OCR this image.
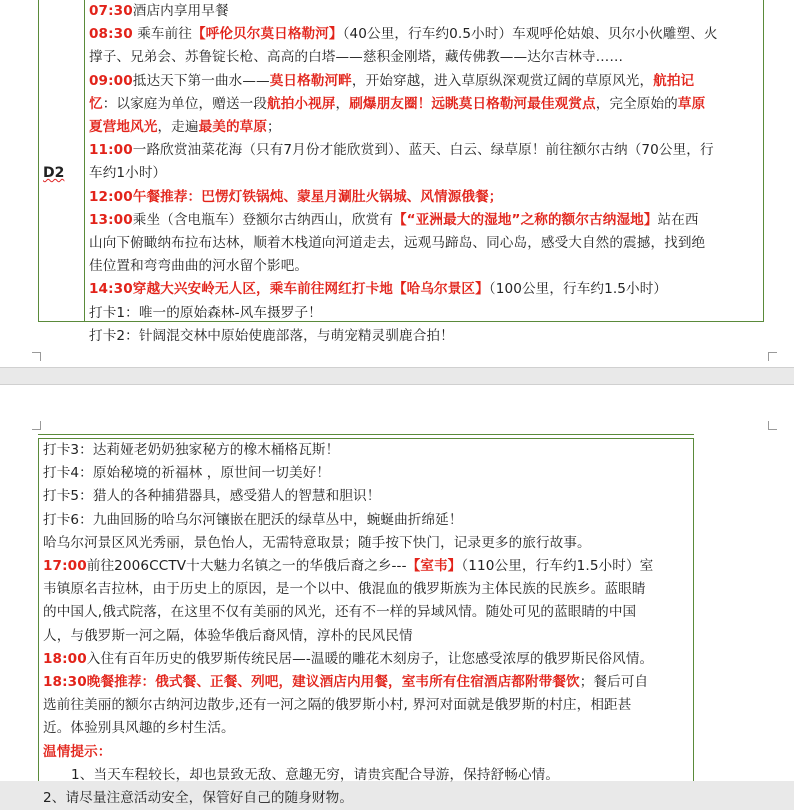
D2
07:30酒店内享用早餐
08:30 乘车前往【呼伦贝尔莫日格勒河】（40公里，行车约0.5小时）车观呼伦姑娘、贝尔小伙雕塑、火
撑子、兄弟会、苏鲁锭长枪、高高的白塔——慈积金刚塔，藏传佛教——达尔吉林寺……
09:00抵达天下第一曲水——莫日格勒河畔，开始穿越，进入草原纵深观赏辽阔的草原风光，航拍记
忆：以家庭为单位，赠送一段航拍小视屏，刷爆朋友圈！远眺莫日格勒河最佳观赏点，完全原始的草原
夏营地风光，走遍最美的草原；
11:00一路欣赏油菜花海（只有7月份才能欣赏到）、蓝天、白云、绿草原！前往额尔古纳（70公里，行
车约1小时）
12:00午餐推荐：巴愣灯铁锅炖、蒙星月涮肚火锅城、风情源俄餐；
13:00乘坐（含电瓶车）登额尔古纳西山，欣赏有【“亚洲最大的湿地”之称的额尔古纳湿地】站在西
山向下俯瞰纳布拉布达林，顺着木栈道向河道走去，远观马蹄岛、同心岛，感受大自然的震撼，找到绝
佳位置和弯弯曲曲的河水留个影吧。
14:30穿越大兴安岭无人区，乘车前往网红打卡地【哈乌尔景区】（100公里，行车约1.5小时）
打卡1：唯一的原始森林-风车摄罗子！
打卡2：针阔混交林中原始使鹿部落，与萌宠精灵驯鹿合拍！
打卡3：达莉娅老奶奶独家秘方的橡木桶格瓦斯！
打卡4：原始秘境的祈福林 ，原世间一切美好！
打卡5：猎人的各种捕猎器具，感受猎人的智慧和胆识！
打卡6：九曲回肠的哈乌尔河镶嵌在肥沃的绿草丛中，蜿蜒曲折绵延！
哈乌尔河景区风光秀丽，景色怡人，无需特意取景；随手按下快门，记录更多的旅行故事。
17:00前往2006CCTV十大魅力名镇之一的华俄后裔之乡---【室韦】（110公里，行车约1.5小时）室
韦镇原名吉拉林，由于历史上的原因，是一个以中、俄混血的俄罗斯族为主体民族的民族乡。蓝眼睛
的中国人,俄式院落，在这里不仅有美丽的风光，还有不一样的异域风情。随处可见的蓝眼睛的中国
人，与俄罗斯一河之隔，体验华俄后裔风情，淳朴的民风民情
18:00入住有百年历史的俄罗斯传统民居—-温暖的雕花木刻房子，让您感受浓厚的俄罗斯民俗风情。
18:30晚餐推荐：俄式餐、正餐、列吧，建议酒店内用餐，室韦所有住宿酒店都附带餐饮；餐后可自
选前往美丽的额尔古纳河边散步,还有一河之隔的俄罗斯小村, 界河对面就是俄罗斯的村庄，相距甚
近。体验别具风趣的乡村生活。
温情提示：
1、当天车程较长，却也景致无敌、意趣无穷，请贵宾配合导游，保持舒畅心情。
2、请尽量注意活动安全，保管好自己的随身财物。
